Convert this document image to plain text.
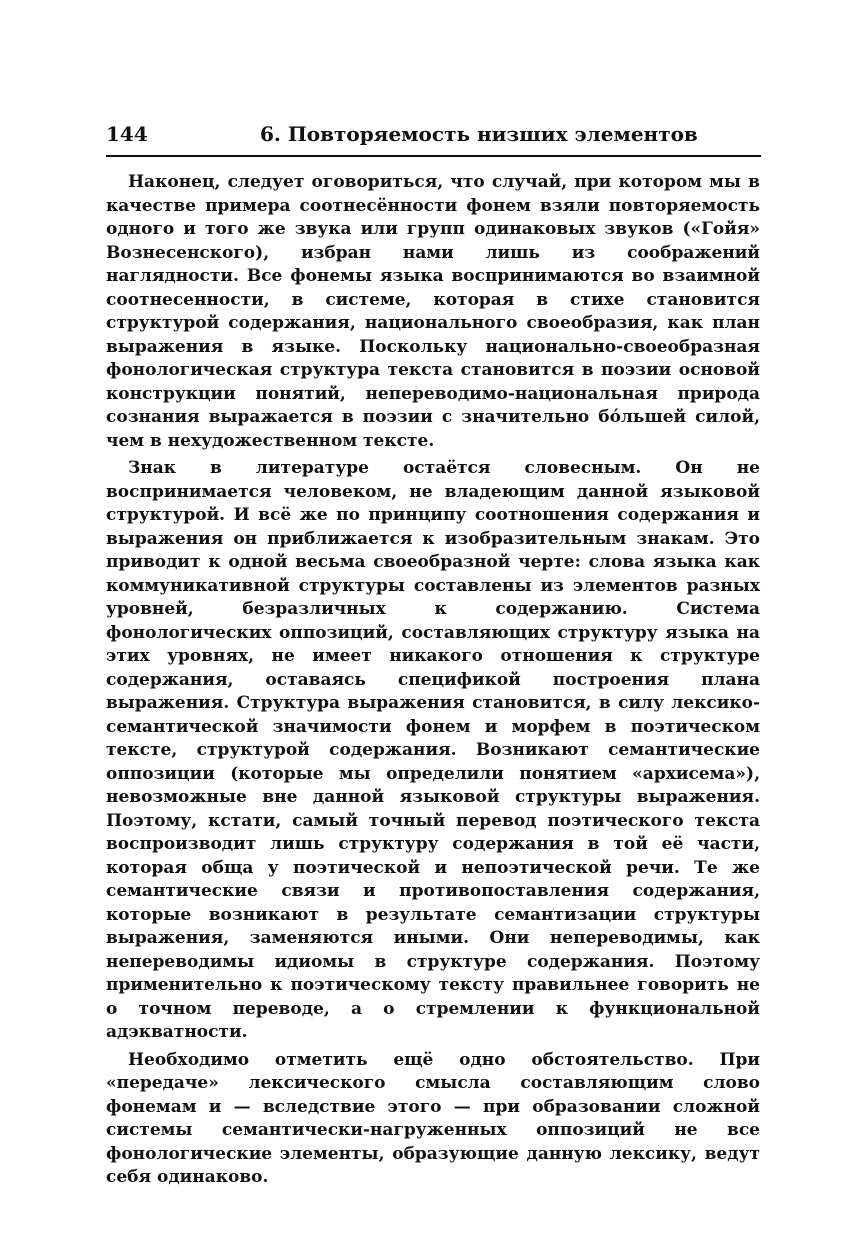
144	6. Повторяемость низших элементов

Наконец, следует оговориться, что случай, при котором мы в качестве примера соотнесённости фонем взяли повторяемость одного и того же звука или групп одинаковых звуков («Гойя» Вознесенского), избран нами лишь из соображений наглядности. Все фонемы языка воспринимаются во взаимной соотнесенности, в системе, которая в стихе становится структурой содержания, национального своеобразия, как план выражения в языке. Поскольку национально-своеобразная фонологическая структура текста становится в поэзии основой конструкции понятий, непереводимо-национальная природа сознания выражается в поэзии с значительно бо́льшей силой, чем в нехудожественном тексте.

Знак в литературе остаётся словесным. Он не воспринимается человеком, не владеющим данной языковой структурой. И всё же по принципу соотношения содержания и выражения он приближается к изобразительным знакам. Это приводит к одной весьма своеобразной черте: слова языка как коммуникативной структуры составлены из элементов разных уровней, безразличных к содержанию. Система фонологических оппозиций, составляющих структуру языка на этих уровнях, не имеет никакого отношения к структуре содержания, оставаясь спецификой построения плана выражения. Структура выражения становится, в силу лексико-семантической значимости фонем и морфем в поэтическом тексте, структурой содержания. Возникают семантические оппозиции (которые мы определили понятием «архисема»), невозможные вне данной языковой структуры выражения. Поэтому, кстати, самый точный перевод поэтического текста воспроизводит лишь структуру содержания в той её части, которая обща у поэтической и непоэтической речи. Те же семантические связи и противопоставления содержания, которые возникают в результате семантизации структуры выражения, заменяются иными. Они непереводимы, как непереводимы идиомы в структуре содержания. Поэтому применительно к поэтическому тексту правильнее говорить не о точном переводе, а о стремлении к функциональной адэкватности.

Необходимо отметить ещё одно обстоятельство. При «передаче» лексического смысла составляющим слово фонемам и — вследствие этого — при образовании сложной системы семантически-нагруженных оппозиций не все фонологические элементы, образующие данную лексику, ведут себя одинаково.
